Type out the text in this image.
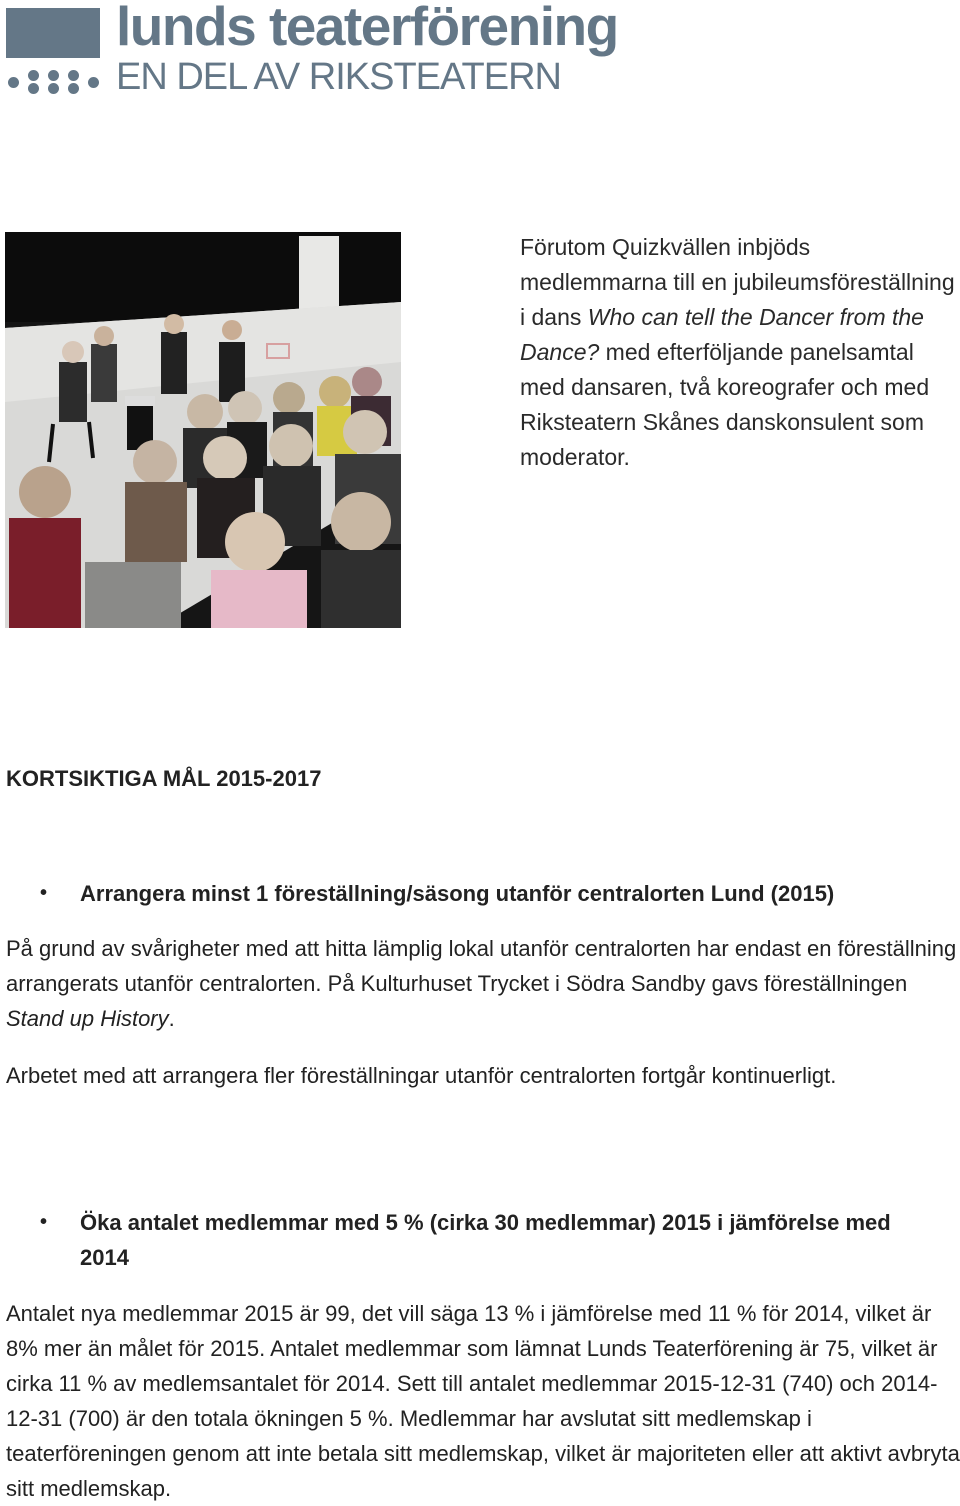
lunds teaterförening
EN DEL AV RIKSTEATERN

Förutom Quizkvällen inbjöds medlemmarna till en jubileumsföreställning i dans Who can tell the Dancer from the Dance? med efterföljande panelsamtal med dansaren, två koreografer och med Riksteatern Skånes danskonsulent som moderator.

KORTSIKTIGA MÅL 2015-2017
• Arrangera minst 1 föreställning/säsong utanför centralorten Lund (2015)

På grund av svårigheter med att hitta lämplig lokal utanför centralorten har endast en föreställning arrangerats utanför centralorten. På Kulturhuset Trycket i Södra Sandby gavs föreställningen Stand up History.

Arbetet med att arrangera fler föreställningar utanför centralorten fortgår kontinuerligt.

• Öka antalet medlemmar med 5 % (cirka 30 medlemmar) 2015 i jämförelse med 2014

Antalet nya medlemmar 2015 är 99, det vill säga 13 % i jämförelse med 11 % för 2014, vilket är 8% mer än målet för 2015. Antalet medlemmar som lämnat Lunds Teaterförening är 75, vilket är cirka 11 % av medlemsantalet för 2014. Sett till antalet medlemmar 2015-12-31 (740) och 2014-12-31 (700) är den totala ökningen 5 %. Medlemmar har avslutat sitt medlemskap i teaterföreningen genom att inte betala sitt medlemskap, vilket är majoriteten eller att aktivt avbryta sitt medlemskap.
